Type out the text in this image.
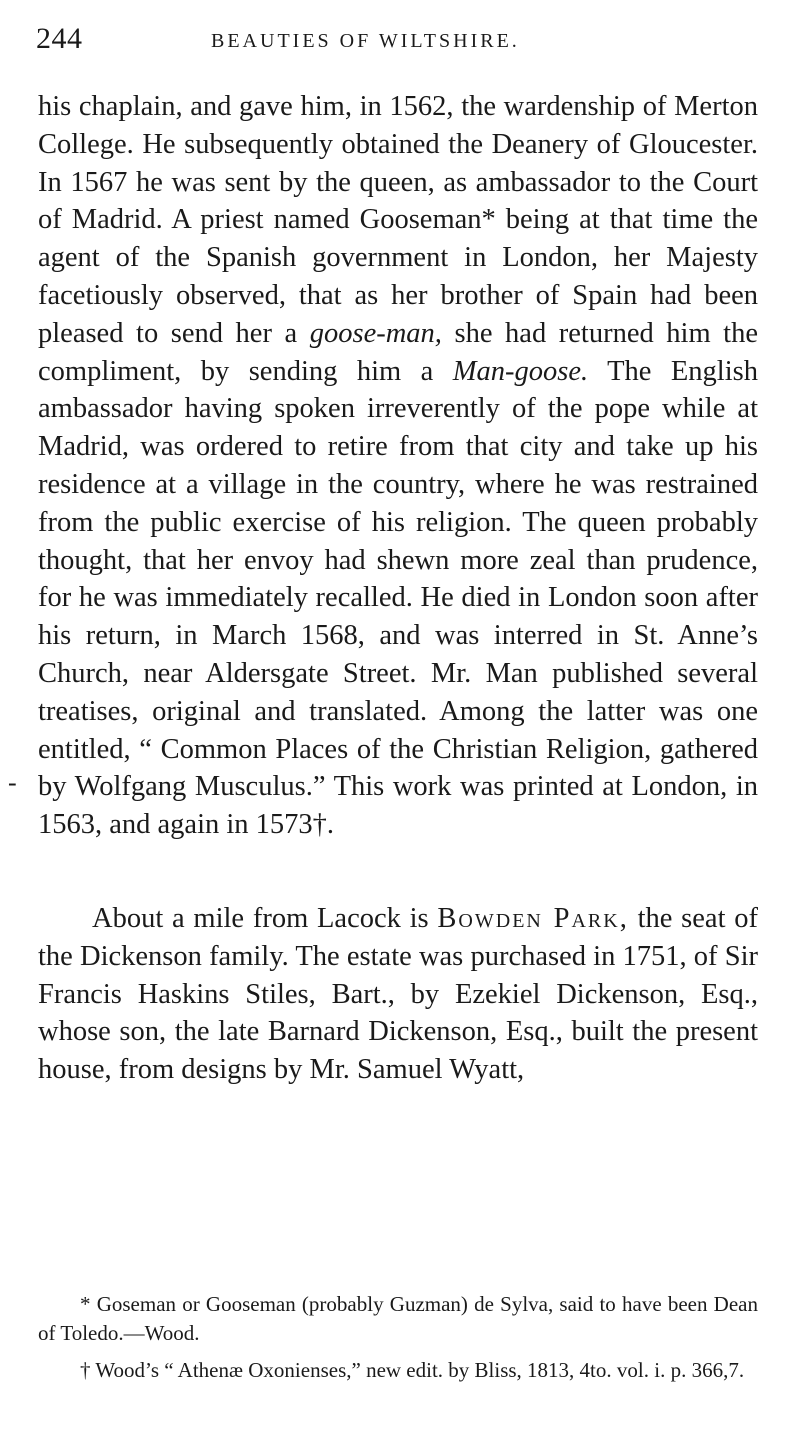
244	BEAUTIES OF WILTSHIRE.
-

his chaplain, and gave him, in 1562, the wardenship of Merton College. He subsequently obtained the Deanery of Gloucester. In 1567 he was sent by the queen, as ambassador to the Court of Madrid. A priest named Gooseman* being at that time the agent of the Spanish government in London, her Majesty facetiously observed, that as her brother of Spain had been pleased to send her a goose-man, she had returned him the compliment, by sending him a Man-goose. The English ambassador having spoken irreverently of the pope while at Madrid, was ordered to retire from that city and take up his residence at a village in the country, where he was restrained from the public exercise of his religion. The queen probably thought, that her envoy had shewn more zeal than prudence, for he was immediately recalled. He died in London soon after his return, in March 1568, and was interred in St. Anne’s Church, near Aldersgate Street. Mr. Man published several treatises, original and translated. Among the latter was one entitled, “ Common Places of the Christian Religion, gathered by Wolfgang Musculus.” This work was printed at London, in 1563, and again in 1573†.

About a mile from Lacock is Bowden Park, the seat of the Dickenson family. The estate was purchased in 1751, of Sir Francis Haskins Stiles, Bart., by Ezekiel Dickenson, Esq., whose son, the late Barnard Dickenson, Esq., built the present house, from designs by Mr. Samuel Wyatt,

* Goseman or Gooseman (probably Guzman) de Sylva, said to have been Dean of Toledo.—Wood.

† Wood’s “ Athenæ Oxonienses,” new edit. by Bliss, 1813, 4to. vol. i. p. 366,7.
